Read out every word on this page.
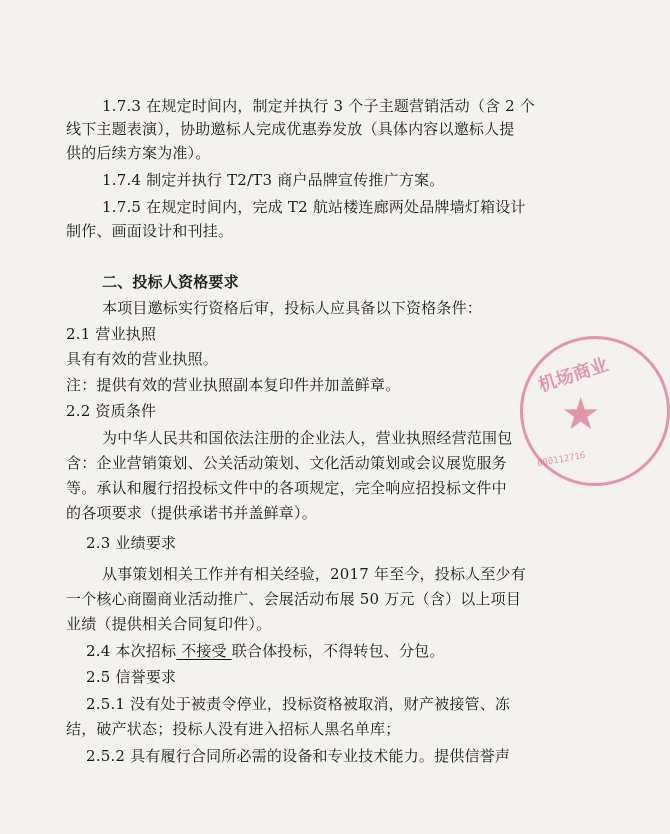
机场商业
★
000112716
1.7.3 在规定时间内，制定并执行 3 个子主题营销活动（含 2 个
线下主题表演），协助邀标人完成优惠券发放（具体内容以邀标人提
供的后续方案为准）。
1.7.4 制定并执行 T2/T3 商户品牌宣传推广方案。
1.7.5 在规定时间内，完成 T2 航站楼连廊两处品牌墙灯箱设计
制作、画面设计和刊挂。
二、投标人资格要求
本项目邀标实行资格后审，投标人应具备以下资格条件：
2.1 营业执照
具有有效的营业执照。
注：提供有效的营业执照副本复印件并加盖鲜章。
2.2 资质条件
为中华人民共和国依法注册的企业法人，营业执照经营范围包
含：企业营销策划、公关活动策划、文化活动策划或会议展览服务
等。承认和履行招投标文件中的各项规定，完全响应招投标文件中
的各项要求（提供承诺书并盖鲜章）。
2.3 业绩要求
从事策划相关工作并有相关经验，2017 年至今，投标人至少有
一个核心商圈商业活动推广、会展活动布展 50 万元（含）以上项目
业绩（提供相关合同复印件）。
2.4 本次招标 不接受 联合体投标，不得转包、分包。
2.5 信誉要求
2.5.1 没有处于被责令停业，投标资格被取消，财产被接管、冻
结，破产状态；投标人没有进入招标人黑名单库；
2.5.2 具有履行合同所必需的设备和专业技术能力。提供信誉声
